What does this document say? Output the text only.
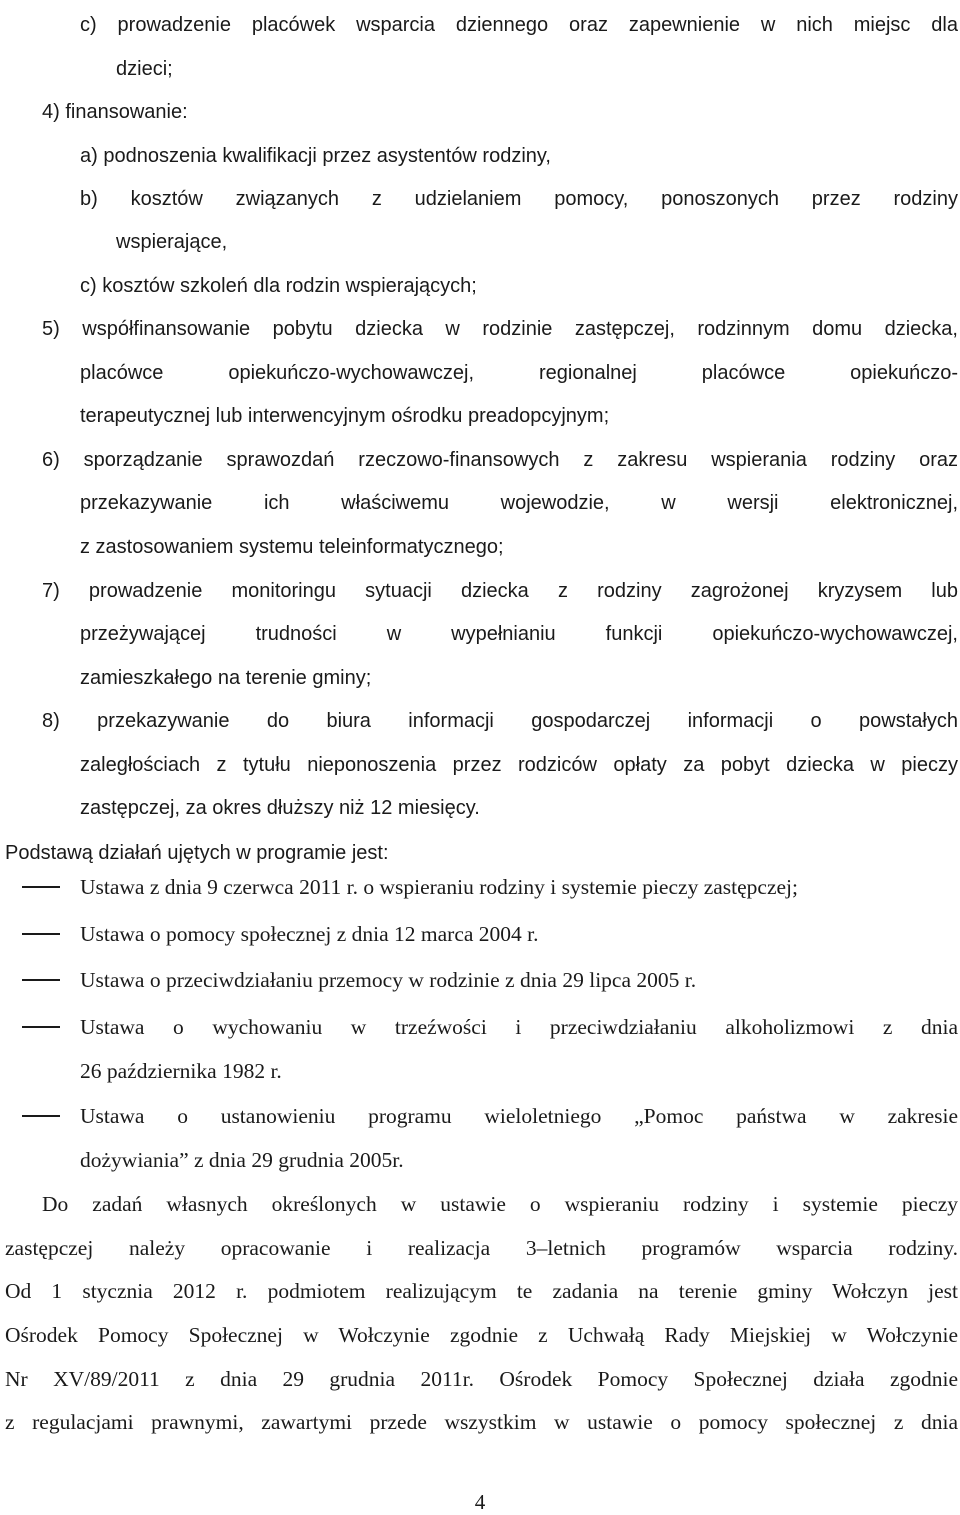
c) prowadzenie placówek wsparcia dziennego oraz zapewnienie w nich miejsc dla
dzieci;
4) finansowanie:
a) podnoszenia kwalifikacji przez asystentów rodziny,
b) kosztów związanych z udzielaniem pomocy, ponoszonych przez rodziny
wspierające,
c) kosztów szkoleń dla rodzin wspierających;
5) współfinansowanie pobytu dziecka w rodzinie zastępczej, rodzinnym domu dziecka,
placówce opiekuńczo-wychowawczej, regionalnej placówce opiekuńczo-
terapeutycznej lub interwencyjnym ośrodku preadopcyjnym;
6) sporządzanie sprawozdań rzeczowo-finansowych z zakresu wspierania rodziny oraz
przekazywanie ich właściwemu wojewodzie, w wersji elektronicznej,
z zastosowaniem systemu teleinformatycznego;
7) prowadzenie monitoringu sytuacji dziecka z rodziny zagrożonej kryzysem lub
przeżywającej trudności w wypełnianiu funkcji opiekuńczo-wychowawczej,
zamieszkałego na terenie gminy;
8) przekazywanie do biura informacji gospodarczej informacji o powstałych
zaległościach z tytułu nieponoszenia przez rodziców opłaty za pobyt dziecka w pieczy
zastępczej, za okres dłuższy niż 12 miesięcy.
Podstawą działań ujętych w programie jest:
Ustawa z dnia 9 czerwca 2011 r. o wspieraniu rodziny i systemie pieczy zastępczej;
Ustawa o pomocy społecznej z dnia 12 marca 2004 r.
Ustawa o przeciwdziałaniu przemocy w rodzinie z dnia 29 lipca 2005 r.
Ustawa o wychowaniu w trzeźwości i przeciwdziałaniu alkoholizmowi z dnia
26 października 1982 r.
Ustawa o ustanowieniu programu wieloletniego „Pomoc państwa w zakresie
dożywiania” z dnia 29 grudnia 2005r.
Do zadań własnych określonych w ustawie o wspieraniu rodziny i systemie pieczy
zastępczej należy opracowanie i realizacja 3–letnich programów wsparcia rodziny.
Od 1 stycznia 2012 r. podmiotem realizującym te zadania na terenie gminy Wołczyn jest
Ośrodek Pomocy Społecznej w Wołczynie zgodnie z Uchwałą Rady Miejskiej w Wołczynie
Nr XV/89/2011 z dnia 29 grudnia 2011r. Ośrodek Pomocy Społecznej działa zgodnie
z regulacjami prawnymi, zawartymi przede wszystkim w ustawie o pomocy społecznej z dnia
4
